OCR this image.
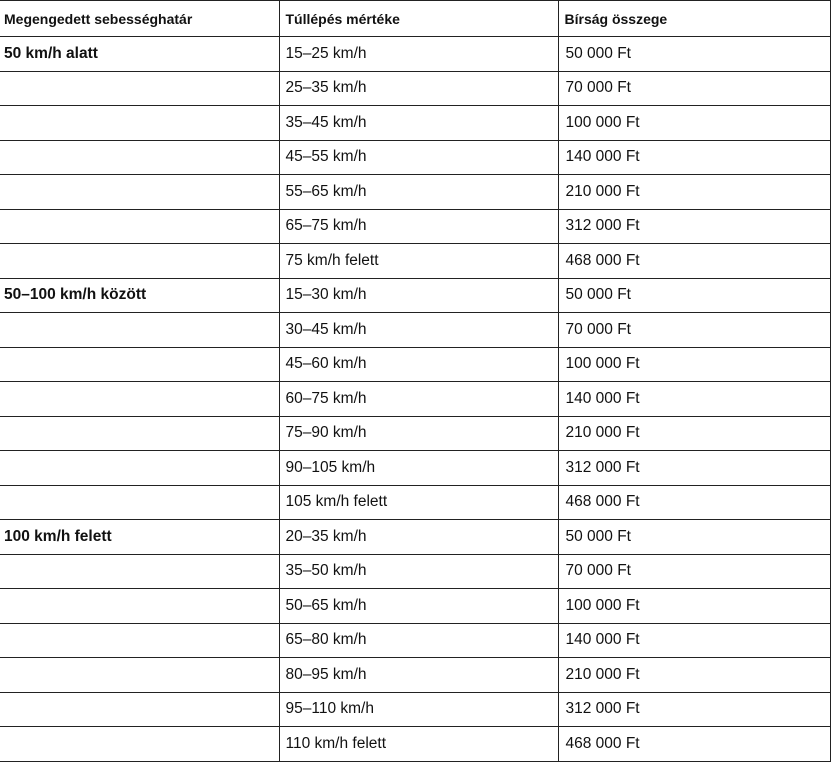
Megengedett sebességhatár	Túllépés mértéke	Bírság összege
50 km/h alatt	15–25 km/h	50 000 Ft
	25–35 km/h	70 000 Ft
	35–45 km/h	100 000 Ft
	45–55 km/h	140 000 Ft
	55–65 km/h	210 000 Ft
	65–75 km/h	312 000 Ft
	75 km/h felett	468 000 Ft
50–100 km/h között	15–30 km/h	50 000 Ft
	30–45 km/h	70 000 Ft
	45–60 km/h	100 000 Ft
	60–75 km/h	140 000 Ft
	75–90 km/h	210 000 Ft
	90–105 km/h	312 000 Ft
	105 km/h felett	468 000 Ft
100 km/h felett	20–35 km/h	50 000 Ft
	35–50 km/h	70 000 Ft
	50–65 km/h	100 000 Ft
	65–80 km/h	140 000 Ft
	80–95 km/h	210 000 Ft
	95–110 km/h	312 000 Ft
	110 km/h felett	468 000 Ft
